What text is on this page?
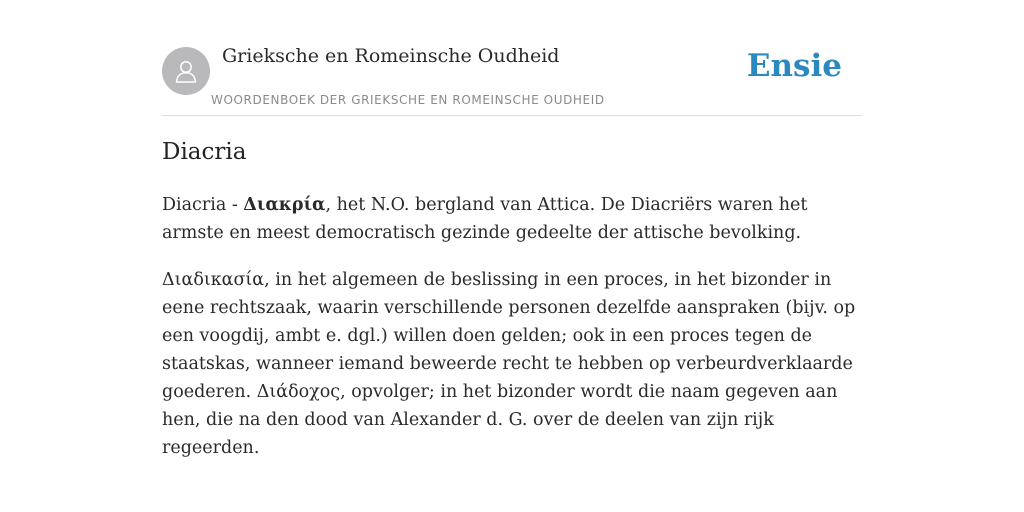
Grieksche en Romeinsche Oudheid
WOORDENBOEK DER GRIEKSCHE EN ROMEINSCHE OUDHEID
Ensie
Diacria

Diacria - Διακρία, het N.O. bergland van Attica. De Diacriërs waren het armste en meest democratisch gezinde gedeelte der attische bevolking.

Διαδικασία, in het algemeen de beslissing in een proces, in het bizonder in eene rechtszaak, waarin verschillende personen dezelfde aanspraken (bijv. op een voogdij, ambt e. dgl.) willen doen gelden; ook in een proces tegen de staatskas, wanneer iemand beweerde recht te hebben op verbeurdverklaarde goederen. Διάδοχος, opvolger; in het bizonder wordt die naam gegeven aan hen, die na den dood van Alexander d. G. over de deelen van zijn rijk regeerden.
